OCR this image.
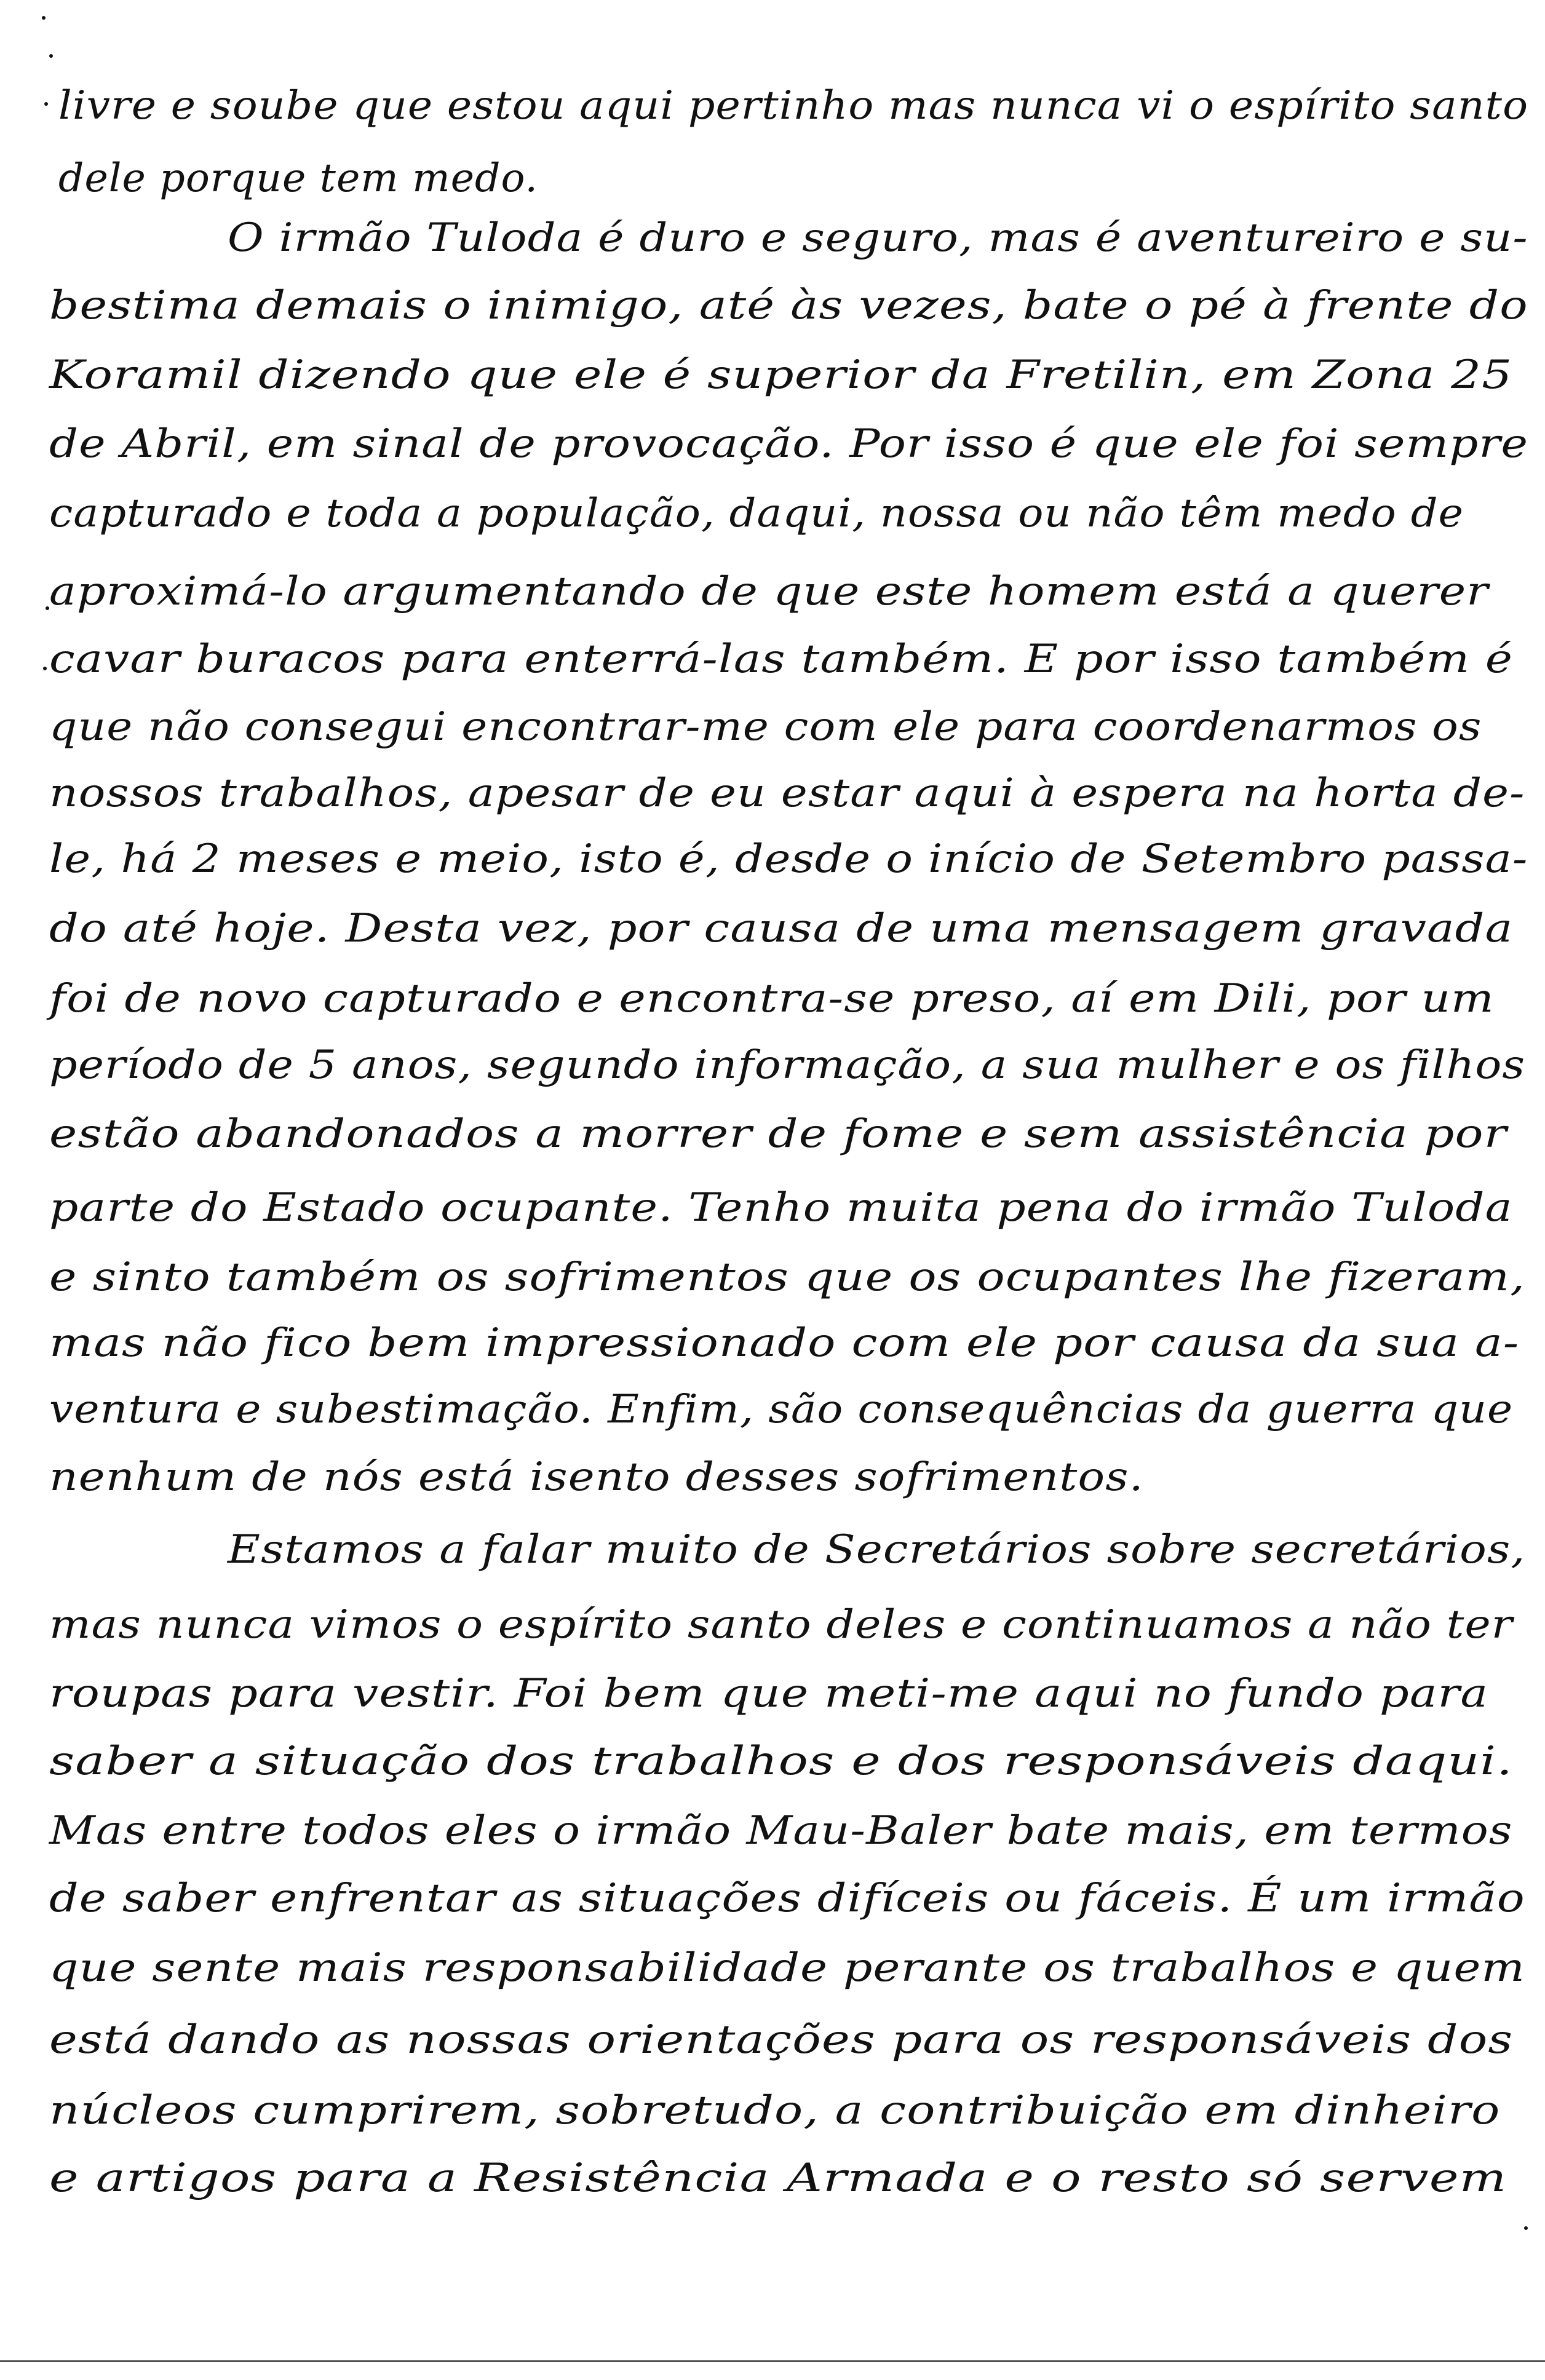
livre e soube que estou aqui pertinho mas nunca vi o espírito santo
dele porque tem medo.
O irmão Tuloda é duro e seguro, mas é aventureiro e su-
bestima demais o inimigo, até às vezes, bate o pé à frente do
Koramil dizendo que ele é superior da Fretilin, em Zona 25
de Abril, em sinal de provocação. Por isso é que ele foi sempre
capturado e toda a população, daqui, nossa ou não têm medo de
aproximá-lo argumentando de que este homem está a querer
cavar buracos para enterrá-las também. E por isso também é
que não consegui encontrar-me com ele para coordenarmos os
nossos trabalhos, apesar de eu estar aqui à espera na horta de-
le, há 2 meses e meio, isto é, desde o início de Setembro passa-
do até hoje. Desta vez, por causa de uma mensagem gravada
foi de novo capturado e encontra-se preso, aí em Dili, por um
período de 5 anos, segundo informação, a sua mulher e os filhos
estão abandonados a morrer de fome e sem assistência por
parte do Estado ocupante. Tenho muita pena do irmão Tuloda
e sinto também os sofrimentos que os ocupantes lhe fizeram,
mas não fico bem impressionado com ele por causa da sua a-
ventura e subestimação. Enfim, são consequências da guerra que
nenhum de nós está isento desses sofrimentos.
Estamos a falar muito de Secretários sobre secretários,
mas nunca vimos o espírito santo deles e continuamos a não ter
roupas para vestir. Foi bem que meti-me aqui no fundo para
saber a situação dos trabalhos e dos responsáveis daqui.
Mas entre todos eles o irmão Mau-Baler bate mais, em termos
de saber enfrentar as situações difíceis ou fáceis. É um irmão
que sente mais responsabilidade perante os trabalhos e quem
está dando as nossas orientações para os responsáveis dos
núcleos cumprirem, sobretudo, a contribuição em dinheiro
e artigos para a Resistência Armada e o resto só servem
